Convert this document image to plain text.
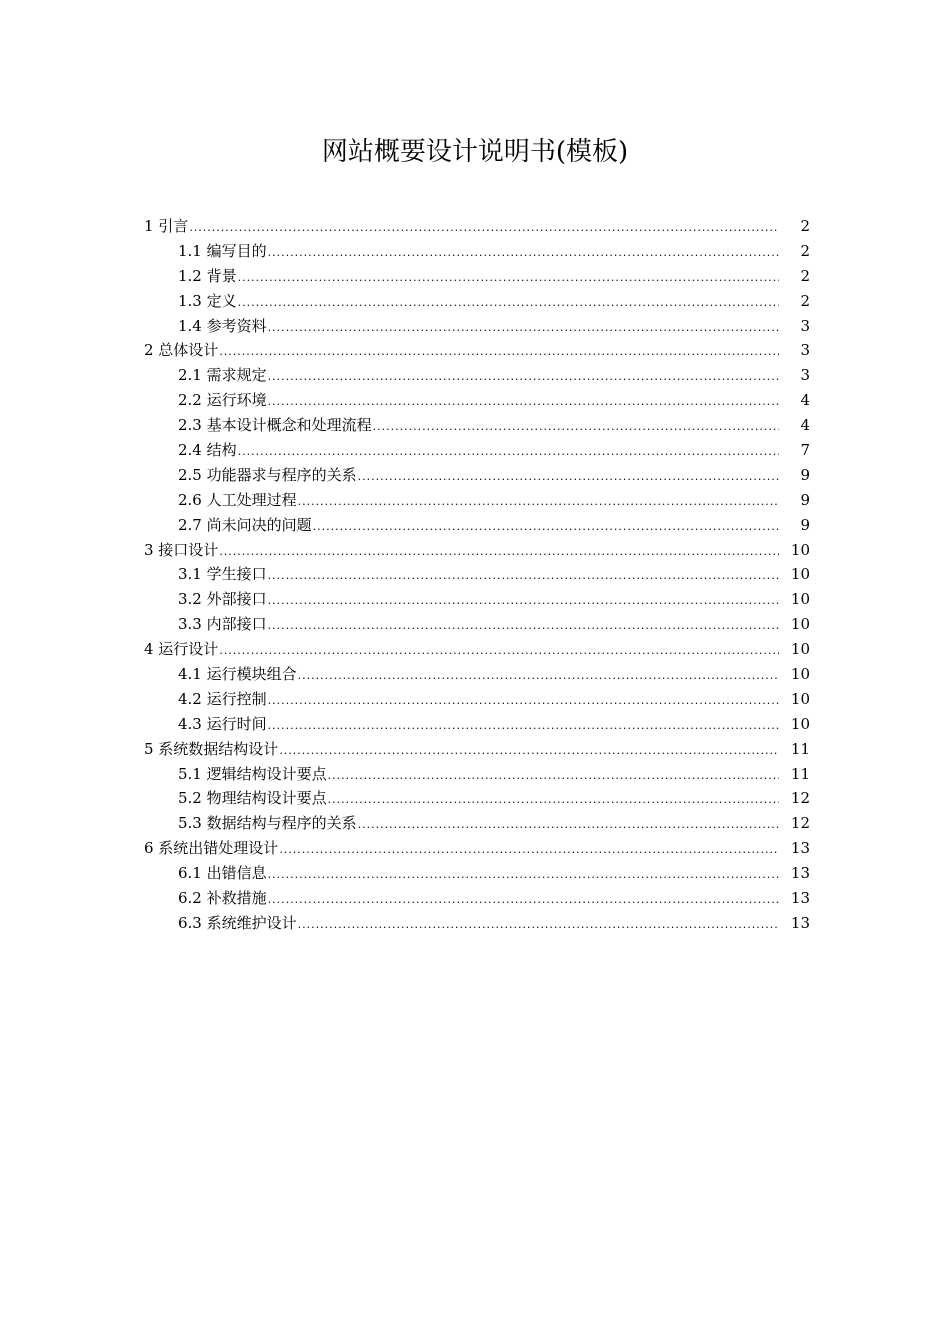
网站概要设计说明书(模板)
1 引言 .....	2
1.1 编写目的 .....	2
1.2 背景 .....	2
1.3 定义 .....	2
1.4 参考资料 .....	3
2 总体设计 .....	3
2.1 需求规定 .....	3
2.2 运行环境 .....	4
2.3 基本设计概念和处理流程 .....	4
2.4 结构 .....	7
2.5 功能器求与程序的关系 .....	9
2.6 人工处理过程 .....	9
2.7 尚未问决的问题 .....	9
3 接口设计 .....	10
3.1 学生接口 .....	10
3.2 外部接口 .....	10
3.3 内部接口 .....	10
4 运行设计 .....	10
4.1 运行模块组合 .....	10
4.2 运行控制 .....	10
4.3 运行时间 .....	10
5 系统数据结构设计 .....	11
5.1 逻辑结构设计要点 .....	11
5.2 物理结构设计要点 .....	12
5.3 数据结构与程序的关系 .....	12
6 系统出错处理设计 .....	13
6.1 出错信息 .....	13
6.2 补救措施 .....	13
6.3 系统维护设计 .....	13
